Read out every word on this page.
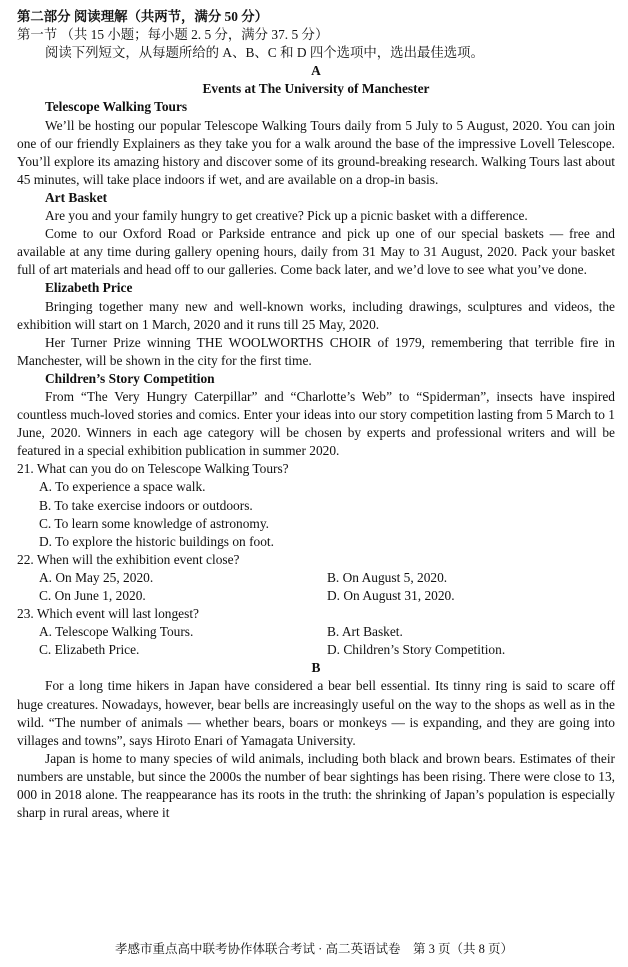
第二部分 阅读理解（共两节，满分 50 分）

第一节 （共 15 小题；每小题 2. 5 分，满分 37. 5 分）

阅读下列短文，从每题所给的 A、B、C 和 D 四个选项中，选出最佳选项。

A

Events at The University of Manchester

Telescope Walking Tours

We’ll be hosting our popular Telescope Walking Tours daily from 5 July to 5 August, 2020. You can join one of our friendly Explainers as they take you for a walk around the base of the impressive Lovell Telescope. You’ll explore its amazing history and discover some of its ground-breaking research. Walking Tours last about 45 minutes, will take place indoors if wet, and are available on a drop-in basis.

Art Basket

Are you and your family hungry to get creative? Pick up a picnic basket with a difference.

Come to our Oxford Road or Parkside entrance and pick up one of our special baskets — free and available at any time during gallery opening hours, daily from 31 May to 31 August, 2020. Pack your basket full of art materials and head off to our galleries. Come back later, and we’d love to see what you’ve done.

Elizabeth Price

Bringing together many new and well-known works, including drawings, sculptures and videos, the exhibition will start on 1 March, 2020 and it runs till 25 May, 2020.

Her Turner Prize winning THE WOOLWORTHS CHOIR of 1979, remembering that terrible fire in Manchester, will be shown in the city for the first time.

Children’s Story Competition

From “The Very Hungry Caterpillar” and “Charlotte’s Web” to “Spiderman”, insects have inspired countless much-loved stories and comics. Enter your ideas into our story competition lasting from 5 March to 1 June, 2020. Winners in each age category will be chosen by experts and professional writers and will be featured in a special exhibition publication in summer 2020.

21. What can you do on Telescope Walking Tours?

A. To experience a space walk.

B. To take exercise indoors or outdoors.

C. To learn some knowledge of astronomy.

D. To explore the historic buildings on foot.

22. When will the exhibition event close?

A. On May 25, 2020.	B. On August 5, 2020.
C. On June 1, 2020.	D. On August 31, 2020.

23. Which event will last longest?

A. Telescope Walking Tours.	B. Art Basket.
C. Elizabeth Price.	D. Children’s Story Competition.

B

For a long time hikers in Japan have considered a bear bell essential. Its tinny ring is said to scare off huge creatures. Nowadays, however, bear bells are increasingly useful on the way to the shops as well as in the wild. “The number of animals — whether bears, boars or monkeys — is expanding, and they are going into villages and towns”, says Hiroto Enari of Yamagata University.

Japan is home to many species of wild animals, including both black and brown bears. Estimates of their numbers are unstable, but since the 2000s the number of bear sightings has been rising. There were close to 13, 000 in 2018 alone. The reappearance has its roots in the truth: the shrinking of Japan’s population is especially sharp in rural areas, where it

孝感市重点高中联考协作体联合考试 · 高二英语试卷　第 3 页（共 8 页）
